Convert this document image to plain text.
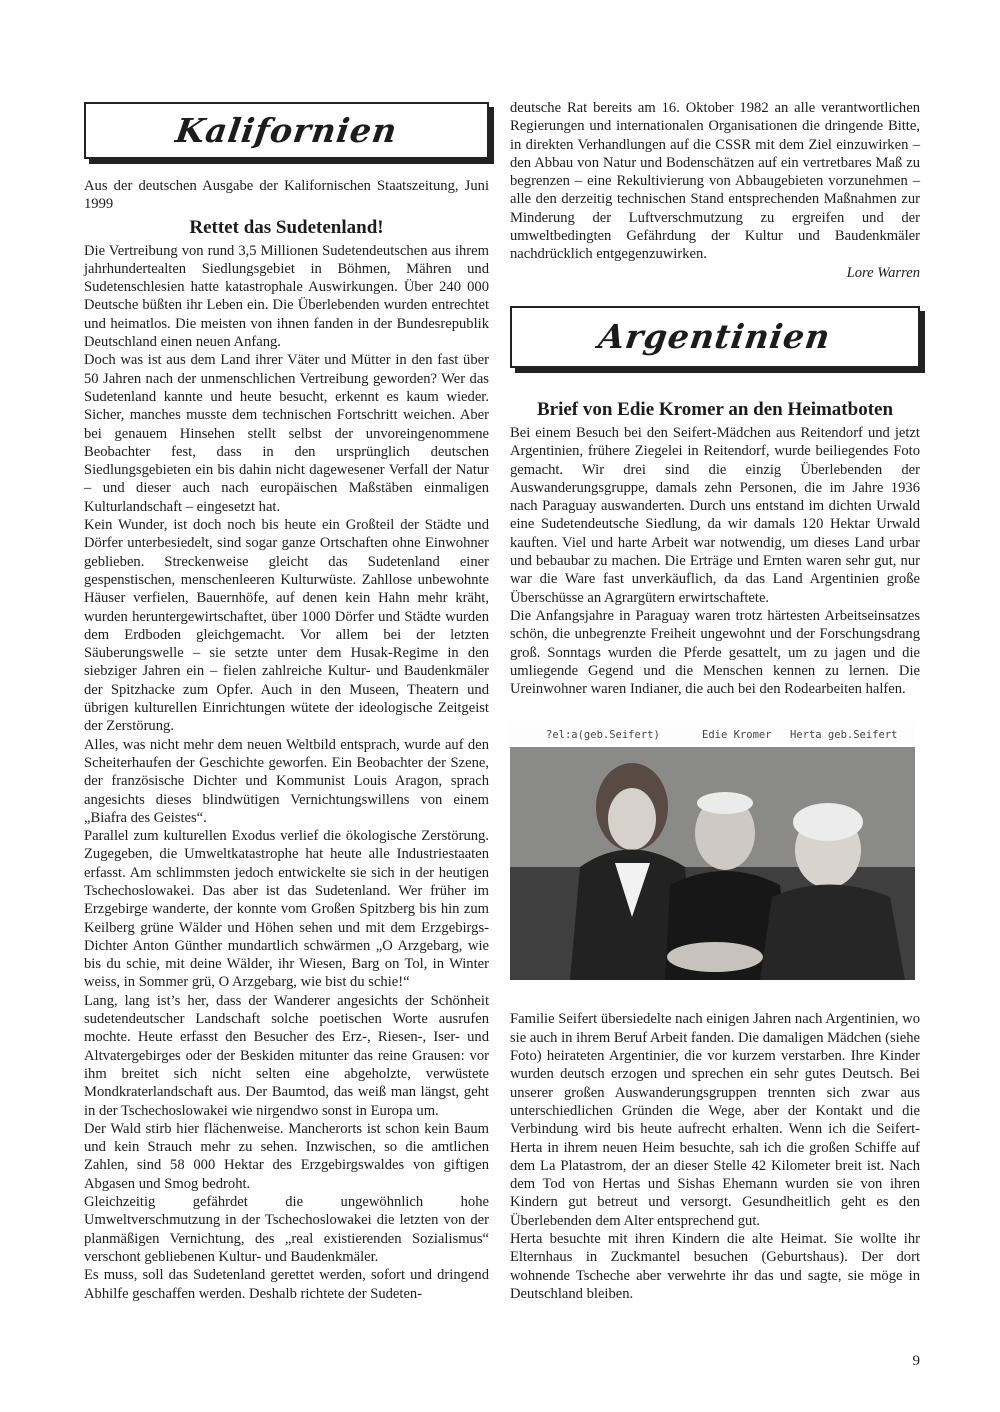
Kalifornien

Aus der deutschen Ausgabe der Kalifornischen Staatszeitung, Juni 1999

Rettet das Sudetenland!

Die Vertreibung von rund 3,5 Millionen Sudetendeutschen aus ihrem jahrhundertealten Siedlungsgebiet in Böhmen, Mähren und Sudetenschlesien hatte katastrophale Auswirkungen. Über 240 000 Deutsche büßten ihr Leben ein. Die Überlebenden wurden entrechtet und heimatlos. Die meisten von ihnen fanden in der Bundesrepublik Deutschland einen neuen Anfang.

Doch was ist aus dem Land ihrer Väter und Mütter in den fast über 50 Jahren nach der unmenschlichen Vertreibung geworden? Wer das Sudetenland kannte und heute besucht, erkennt es kaum wieder. Sicher, manches musste dem technischen Fortschritt weichen. Aber bei genauem Hinsehen stellt selbst der unvoreingenommene Beobachter fest, dass in den ursprünglich deutschen Siedlungsgebieten ein bis dahin nicht dagewesener Verfall der Natur – und dieser auch nach europäischen Maßstäben einmaligen Kulturlandschaft – eingesetzt hat.

Kein Wunder, ist doch noch bis heute ein Großteil der Städte und Dörfer unterbesiedelt, sind sogar ganze Ortschaften ohne Einwohner geblieben. Streckenweise gleicht das Sudetenland einer gespenstischen, menschenleeren Kulturwüste. Zahllose unbewohnte Häuser verfielen, Bauernhöfe, auf denen kein Hahn mehr kräht, wurden heruntergewirtschaftet, über 1000 Dörfer und Städte wurden dem Erdboden gleichgemacht. Vor allem bei der letzten Säuberungswelle – sie setzte unter dem Husak-Regime in den siebziger Jahren ein – fielen zahlreiche Kultur- und Baudenkmäler der Spitzhacke zum Opfer. Auch in den Museen, Theatern und übrigen kulturellen Einrichtungen wütete der ideologische Zeitgeist der Zerstörung.

Alles, was nicht mehr dem neuen Weltbild entsprach, wurde auf den Scheiterhaufen der Geschichte geworfen. Ein Beobachter der Szene, der französische Dichter und Kommunist Louis Aragon, sprach angesichts dieses blindwütigen Vernichtungswillens von einem „Biafra des Geistes“.

Parallel zum kulturellen Exodus verlief die ökologische Zerstörung. Zugegeben, die Umweltkatastrophe hat heute alle Industriestaaten erfasst. Am schlimmsten jedoch entwickelte sie sich in der heutigen Tschechoslowakei. Das aber ist das Sudetenland. Wer früher im Erzgebirge wanderte, der konnte vom Großen Spitzberg bis hin zum Keilberg grüne Wälder und Höhen sehen und mit dem Erzgebirgs-Dichter Anton Günther mundartlich schwärmen „O Arzgebarg, wie bis du schie, mit deine Wälder, ihr Wiesen, Barg on Tol, in Winter weiss, in Sommer grü, O Arzgebarg, wie bist du schie!“

Lang, lang ist’s her, dass der Wanderer angesichts der Schönheit sudetendeutscher Landschaft solche poetischen Worte ausrufen mochte. Heute erfasst den Besucher des Erz-, Riesen-, Iser- und Altvatergebirges oder der Beskiden mitunter das reine Grausen: vor ihm breitet sich nicht selten eine abgeholzte, verwüstete Mondkraterlandschaft aus. Der Baumtod, das weiß man längst, geht in der Tschechoslowakei wie nirgendwo sonst in Europa um.

Der Wald stirb hier flächenweise. Mancherorts ist schon kein Baum und kein Strauch mehr zu sehen. Inzwischen, so die amtlichen Zahlen, sind 58 000 Hektar des Erzgebirgswaldes von giftigen Abgasen und Smog bedroht.

Gleichzeitig gefährdet die ungewöhnlich hohe Umweltverschmutzung in der Tschechoslowakei die letzten von der planmäßigen Vernichtung, des „real existierenden Sozialismus“ verschont gebliebenen Kultur- und Baudenkmäler.

Es muss, soll das Sudetenland gerettet werden, sofort und dringend Abhilfe geschaffen werden. Deshalb richtete der Sudeten-

deutsche Rat bereits am 16. Oktober 1982 an alle verantwortlichen Regierungen und internationalen Organisationen die dringende Bitte, in direkten Verhandlungen auf die CSSR mit dem Ziel einzuwirken – den Abbau von Natur und Bodenschätzen auf ein vertretbares Maß zu begrenzen – eine Rekultivierung von Abbaugebieten vorzunehmen – alle den derzeitig technischen Stand entsprechenden Maßnahmen zur Minderung der Luftverschmutzung zu ergreifen und der umweltbedingten Gefährdung der Kultur und Baudenkmäler nachdrücklich entgegenzuwirken.

Lore Warren
Argentinien
Brief von Edie Kromer an den Heimatboten

Bei einem Besuch bei den Seifert-Mädchen aus Reitendorf und jetzt Argentinien, frühere Ziegelei in Reitendorf, wurde beiliegendes Foto gemacht. Wir drei sind die einzig Überlebenden der Auswanderungsgruppe, damals zehn Personen, die im Jahre 1936 nach Paraguay auswanderten. Durch uns entstand im dichten Urwald eine Sudetendeutsche Siedlung, da wir damals 120 Hektar Urwald kauften. Viel und harte Arbeit war notwendig, um dieses Land urbar und bebaubar zu machen. Die Erträge und Ernten waren sehr gut, nur war die Ware fast unverkäuflich, da das Land Argentinien große Überschüsse an Agrargütern erwirtschaftete.

Die Anfangsjahre in Paraguay waren trotz härtesten Arbeitseinsatzes schön, die unbegrenzte Freiheit ungewohnt und der Forschungsdrang groß. Sonntags wurden die Pferde gesattelt, um zu jagen und die umliegende Gegend und die Menschen kennen zu lernen. Die Ureinwohner waren Indianer, die auch bei den Rodearbeiten halfen.

?el:a(geb.Seifert)	Edie Kromer Herta geb.Seifert

Familie Seifert übersiedelte nach einigen Jahren nach Argentinien, wo sie auch in ihrem Beruf Arbeit fanden. Die damaligen Mädchen (siehe Foto) heirateten Argentinier, die vor kurzem verstarben. Ihre Kinder wurden deutsch erzogen und sprechen ein sehr gutes Deutsch. Bei unserer großen Auswanderungsgruppen trennten sich zwar aus unterschiedlichen Gründen die Wege, aber der Kontakt und die Verbindung wird bis heute aufrecht erhalten. Wenn ich die Seifert-Herta in ihrem neuen Heim besuchte, sah ich die großen Schiffe auf dem La Platastrom, der an dieser Stelle 42 Kilometer breit ist. Nach dem Tod von Hertas und Sishas Ehemann wurden sie von ihren Kindern gut betreut und versorgt. Gesundheitlich geht es den Überlebenden dem Alter entsprechend gut.

Herta besuchte mit ihren Kindern die alte Heimat. Sie wollte ihr Elternhaus in Zuckmantel besuchen (Geburtshaus). Der dort wohnende Tscheche aber verwehrte ihr das und sagte, sie möge in Deutschland bleiben.

9
